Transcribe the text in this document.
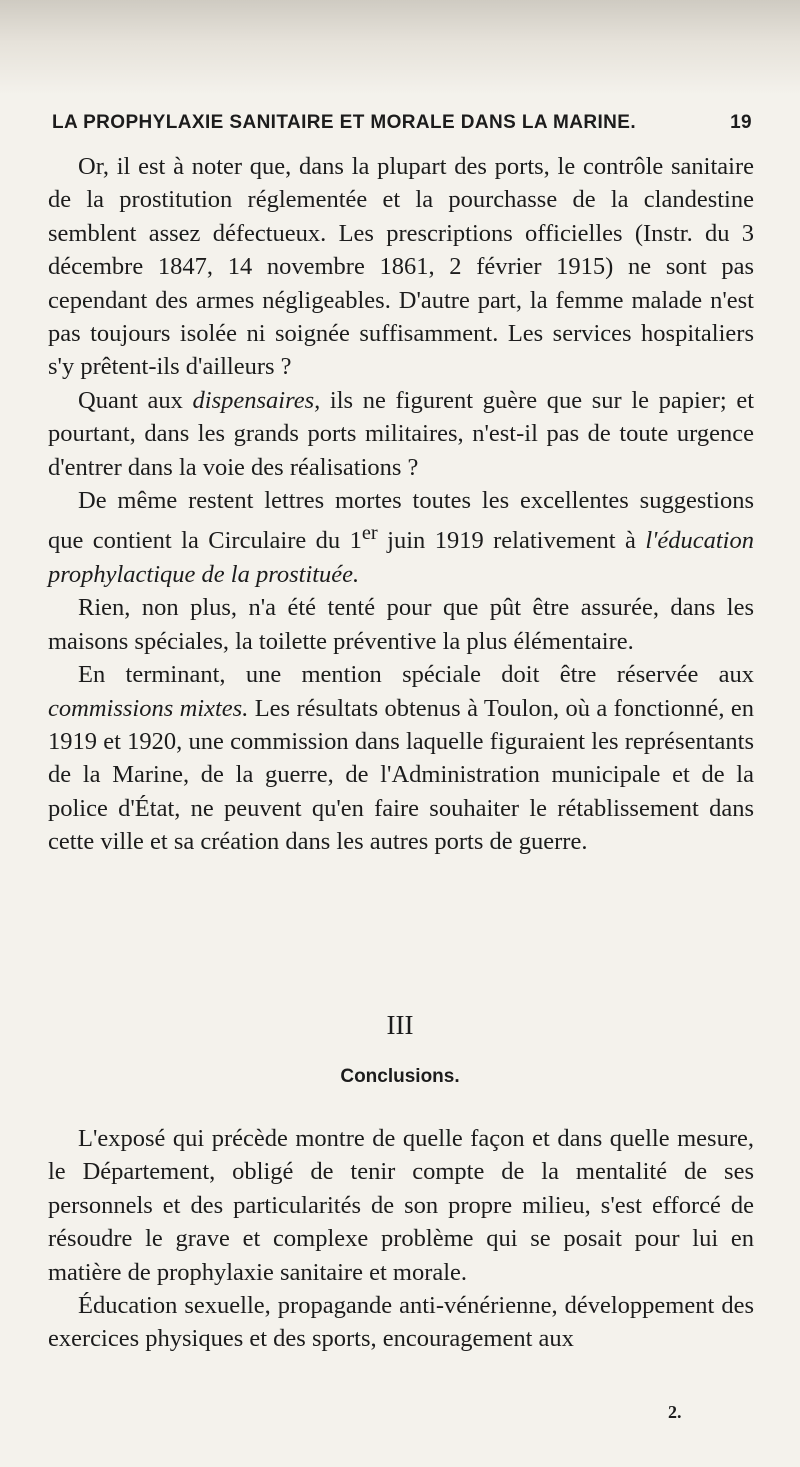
LA PROPHYLAXIE SANITAIRE ET MORALE DANS LA MARINE.	19

Or, il est à noter que, dans la plupart des ports, le contrôle sanitaire de la prostitution réglementée et la pourchasse de la clandestine semblent assez défectueux. Les prescriptions officielles (Instr. du 3 décembre 1847, 14 novembre 1861, 2 février 1915) ne sont pas cependant des armes négligeables. D'autre part, la femme malade n'est pas toujours isolée ni soignée suffisamment. Les services hospitaliers s'y prêtent-ils d'ailleurs ?

Quant aux dispensaires, ils ne figurent guère que sur le papier; et pourtant, dans les grands ports militaires, n'est-il pas de toute urgence d'entrer dans la voie des réalisations ?

De même restent lettres mortes toutes les excellentes suggestions que contient la Circulaire du 1er juin 1919 relativement à l'éducation prophylactique de la prostituée.

Rien, non plus, n'a été tenté pour que pût être assurée, dans les maisons spéciales, la toilette préventive la plus élémentaire.

En terminant, une mention spéciale doit être réservée aux commissions mixtes. Les résultats obtenus à Toulon, où a fonctionné, en 1919 et 1920, une commission dans laquelle figuraient les représentants de la Marine, de la guerre, de l'Administration municipale et de la police d'État, ne peuvent qu'en faire souhaiter le rétablissement dans cette ville et sa création dans les autres ports de guerre.

III
Conclusions.

L'exposé qui précède montre de quelle façon et dans quelle mesure, le Département, obligé de tenir compte de la mentalité de ses personnels et des particularités de son propre milieu, s'est efforcé de résoudre le grave et complexe problème qui se posait pour lui en matière de prophylaxie sanitaire et morale.

Éducation sexuelle, propagande anti-vénérienne, développement des exercices physiques et des sports, encouragement aux

2.
